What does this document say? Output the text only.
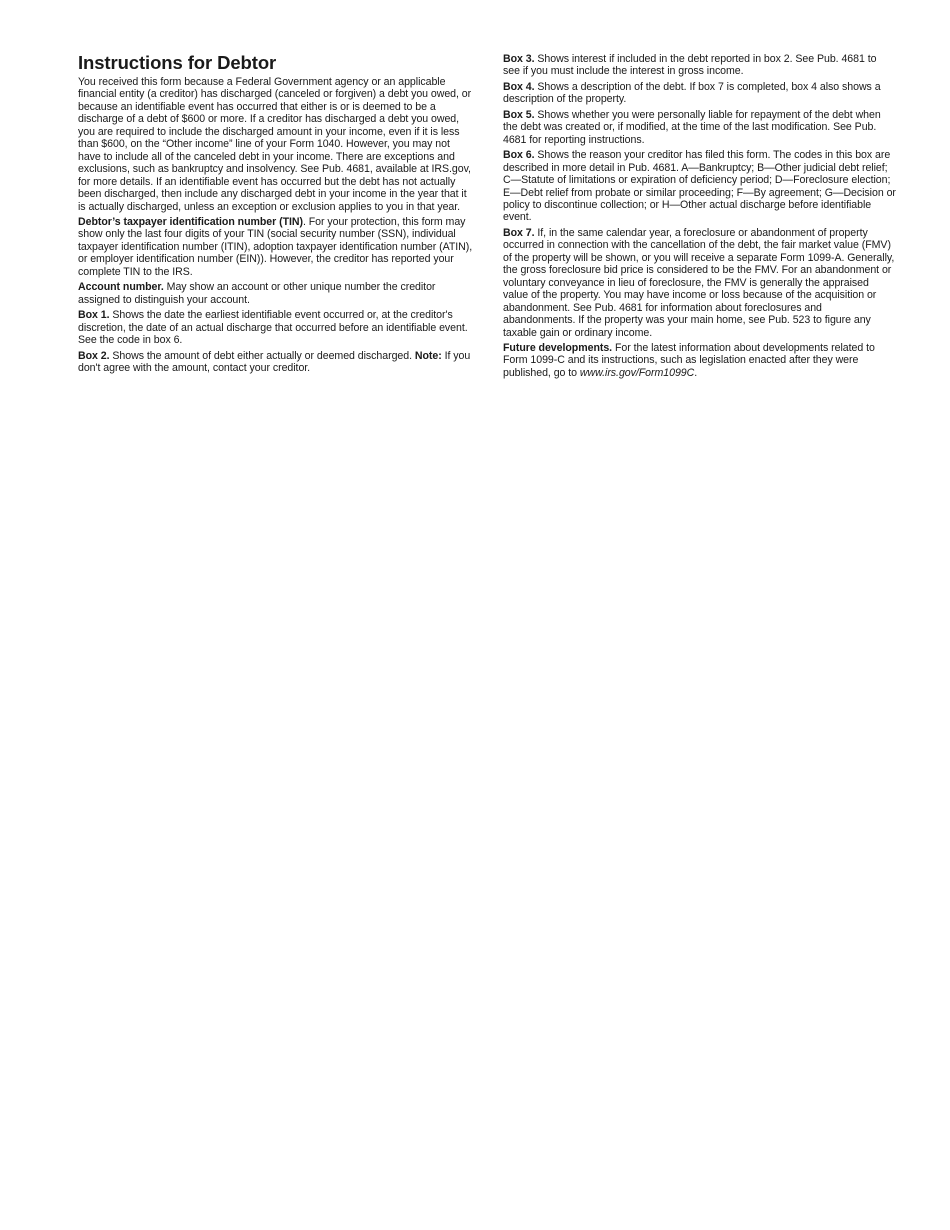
Instructions for Debtor

You received this form because a Federal Government agency or an applicable financial entity (a creditor) has discharged (canceled or forgiven) a debt you owed, or because an identifiable event has occurred that either is or is deemed to be a discharge of a debt of $600 or more. If a creditor has discharged a debt you owed, you are required to include the discharged amount in your income, even if it is less than $600, on the “Other income” line of your Form 1040. However, you may not have to include all of the canceled debt in your income. There are exceptions and exclusions, such as bankruptcy and insolvency. See Pub. 4681, available at IRS.gov, for more details. If an identifiable event has occurred but the debt has not actually been discharged, then include any discharged debt in your income in the year that it is actually discharged, unless an exception or exclusion applies to you in that year.

Debtor’s taxpayer identification number (TIN). For your protection, this form may show only the last four digits of your TIN (social security number (SSN), individual taxpayer identification number (ITIN), adoption taxpayer identification number (ATIN), or employer identification number (EIN)). However, the creditor has reported your complete TIN to the IRS.

Account number. May show an account or other unique number the creditor assigned to distinguish your account.

Box 1. Shows the date the earliest identifiable event occurred or, at the creditor's discretion, the date of an actual discharge that occurred before an identifiable event. See the code in box 6.

Box 2. Shows the amount of debt either actually or deemed discharged. Note: If you don't agree with the amount, contact your creditor.

Box 3. Shows interest if included in the debt reported in box 2. See Pub. 4681 to see if you must include the interest in gross income.

Box 4. Shows a description of the debt. If box 7 is completed, box 4 also shows a description of the property.

Box 5. Shows whether you were personally liable for repayment of the debt when the debt was created or, if modified, at the time of the last modification. See Pub. 4681 for reporting instructions.

Box 6. Shows the reason your creditor has filed this form. The codes in this box are described in more detail in Pub. 4681. A—Bankruptcy; B—Other judicial debt relief; C—Statute of limitations or expiration of deficiency period; D—Foreclosure election; E—Debt relief from probate or similar proceeding; F—By agreement; G—Decision or policy to discontinue collection; or H—Other actual discharge before identifiable event.

Box 7. If, in the same calendar year, a foreclosure or abandonment of property occurred in connection with the cancellation of the debt, the fair market value (FMV) of the property will be shown, or you will receive a separate Form 1099-A. Generally, the gross foreclosure bid price is considered to be the FMV. For an abandonment or voluntary conveyance in lieu of foreclosure, the FMV is generally the appraised value of the property. You may have income or loss because of the acquisition or abandonment. See Pub. 4681 for information about foreclosures and abandonments. If the property was your main home, see Pub. 523 to figure any taxable gain or ordinary income.

Future developments. For the latest information about developments related to Form 1099-C and its instructions, such as legislation enacted after they were published, go to www.irs.gov/Form1099C.
